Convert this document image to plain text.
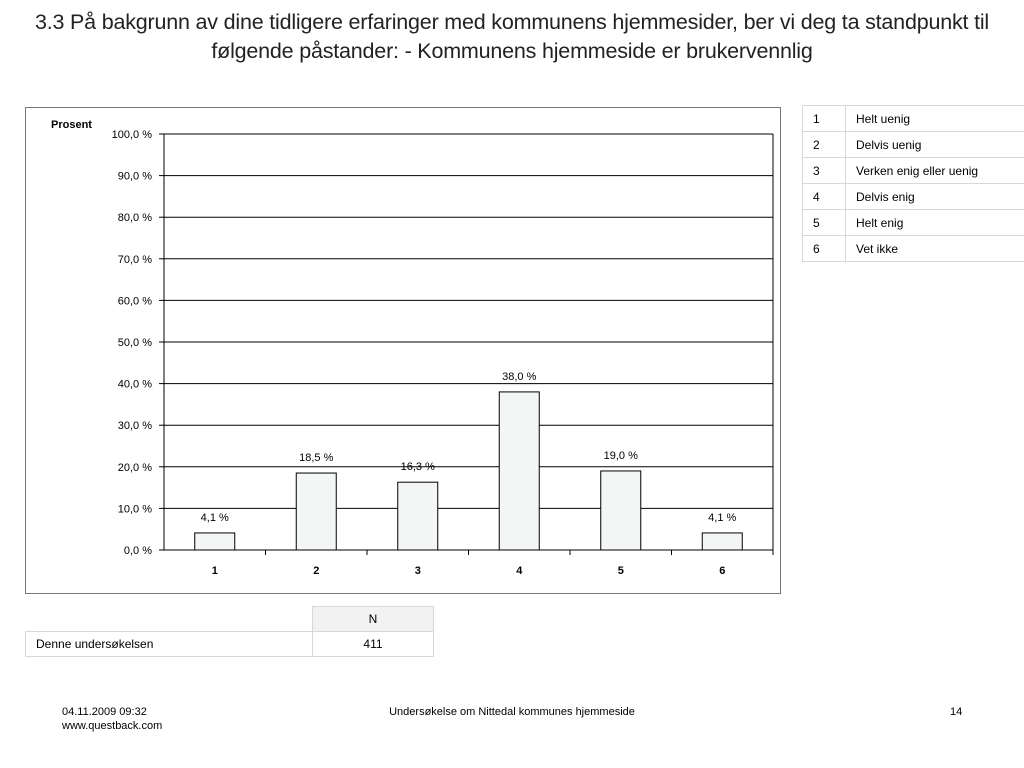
3.3 På bakgrunn av dine tidligere erfaringer med kommunens hjemmesider, ber vi deg ta standpunkt til følgende påstander: - Kommunens hjemmeside er brukervennlig
0,0 %
10,0 %
20,0 %
30,0 %
40,0 %
50,0 %
60,0 %
70,0 %
80,0 %
90,0 %
100,0 %
Prosent
4,1 %
1
18,5 %
2
16,3 %
3
38,0 %
4
19,0 %
5
4,1 %
6
1	Helt uenig
2	Delvis uenig
3	Verken enig eller uenig
4	Delvis enig
5	Helt enig
6	Vet ikke
	N
Denne undersøkelsen	411
04.11.2009 09:32
www.questback.com
Undersøkelse om Nittedal kommunes hjemmeside	14
